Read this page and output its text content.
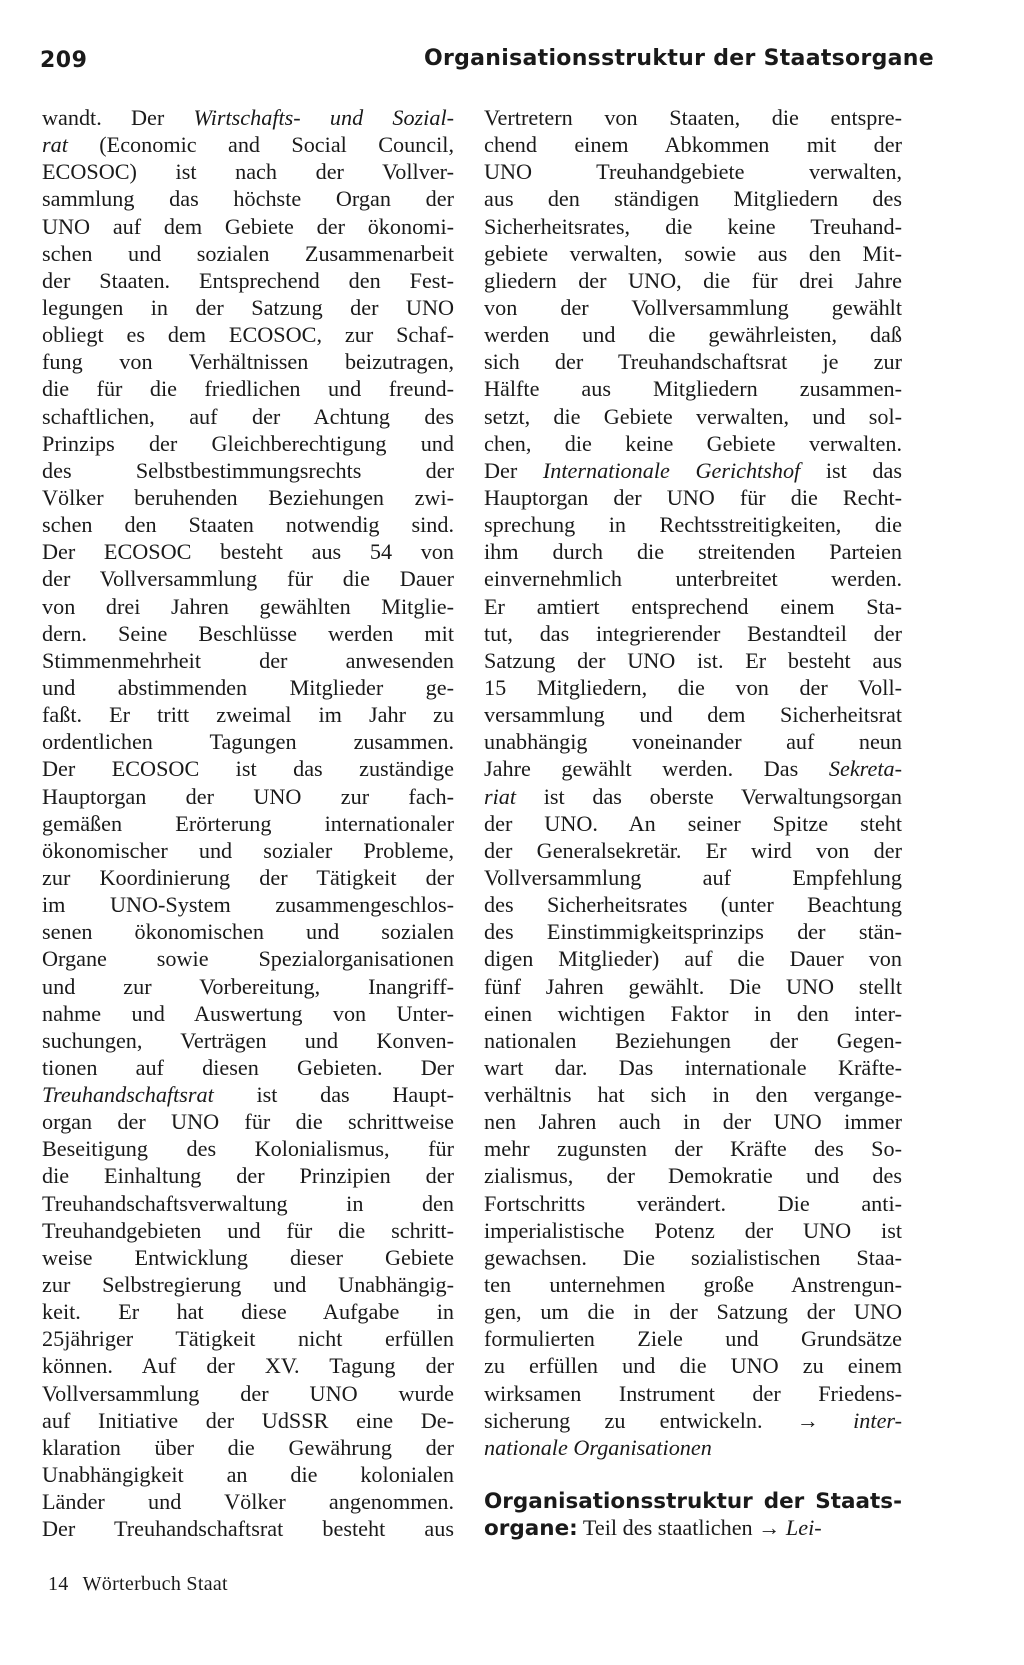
209	Organisationsstruktur der Staatsorgane
wandt. Der Wirtschafts- und Sozial-
rat (Economic and Social Council,
ECOSOC) ist nach der Vollver-
sammlung das höchste Organ der
UNO auf dem Gebiete der ökonomi-
schen und sozialen Zusammenarbeit
der Staaten. Entsprechend den Fest-
legungen in der Satzung der UNO
obliegt es dem ECOSOC, zur Schaf-
fung von Verhältnissen beizutragen,
die für die friedlichen und freund-
schaftlichen, auf der Achtung des
Prinzips der Gleichberechtigung und
des Selbstbestimmungsrechts der
Völker beruhenden Beziehungen zwi-
schen den Staaten notwendig sind.
Der ECOSOC besteht aus 54 von
der Vollversammlung für die Dauer
von drei Jahren gewählten Mitglie-
dern. Seine Beschlüsse werden mit
Stimmenmehrheit der anwesenden
und abstimmenden Mitglieder ge-
faßt. Er tritt zweimal im Jahr zu
ordentlichen Tagungen zusammen.
Der ECOSOC ist das zuständige
Hauptorgan der UNO zur fach-
gemäßen Erörterung internationaler
ökonomischer und sozialer Probleme,
zur Koordinierung der Tätigkeit der
im UNO-System zusammengeschlos-
senen ökonomischen und sozialen
Organe sowie Spezialorganisationen
und zur Vorbereitung, Inangriff-
nahme und Auswertung von Unter-
suchungen, Verträgen und Konven-
tionen auf diesen Gebieten. Der
Treuhandschaftsrat ist das Haupt-
organ der UNO für die schrittweise
Beseitigung des Kolonialismus, für
die Einhaltung der Prinzipien der
Treuhandschaftsverwaltung in den
Treuhandgebieten und für die schritt-
weise Entwicklung dieser Gebiete
zur Selbstregierung und Unabhängig-
keit. Er hat diese Aufgabe in
25jähriger Tätigkeit nicht erfüllen
können. Auf der XV. Tagung der
Vollversammlung der UNO wurde
auf Initiative der UdSSR eine De-
klaration über die Gewährung der
Unabhängigkeit an die kolonialen
Länder und Völker angenommen.
Der Treuhandschaftsrat besteht aus
Vertretern von Staaten, die entspre-
chend einem Abkommen mit der
UNO Treuhandgebiete verwalten,
aus den ständigen Mitgliedern des
Sicherheitsrates, die keine Treuhand-
gebiete verwalten, sowie aus den Mit-
gliedern der UNO, die für drei Jahre
von der Vollversammlung gewählt
werden und die gewährleisten, daß
sich der Treuhandschaftsrat je zur
Hälfte aus Mitgliedern zusammen-
setzt, die Gebiete verwalten, und sol-
chen, die keine Gebiete verwalten.
Der Internationale Gerichtshof ist das
Hauptorgan der UNO für die Recht-
sprechung in Rechtsstreitigkeiten, die
ihm durch die streitenden Parteien
einvernehmlich unterbreitet werden.
Er amtiert entsprechend einem Sta-
tut, das integrierender Bestandteil der
Satzung der UNO ist. Er besteht aus
15 Mitgliedern, die von der Voll-
versammlung und dem Sicherheitsrat
unabhängig voneinander auf neun
Jahre gewählt werden. Das Sekreta-
riat ist das oberste Verwaltungsorgan
der UNO. An seiner Spitze steht
der Generalsekretär. Er wird von der
Vollversammlung auf Empfehlung
des Sicherheitsrates (unter Beachtung
des Einstimmigkeitsprinzips der stän-
digen Mitglieder) auf die Dauer von
fünf Jahren gewählt. Die UNO stellt
einen wichtigen Faktor in den inter-
nationalen Beziehungen der Gegen-
wart dar. Das internationale Kräfte-
verhältnis hat sich in den vergange-
nen Jahren auch in der UNO immer
mehr zugunsten der Kräfte des So-
zialismus, der Demokratie und des
Fortschritts verändert. Die anti-
imperialistische Potenz der UNO ist
gewachsen. Die sozialistischen Staa-
ten unternehmen große Anstrengun-
gen, um die in der Satzung der UNO
formulierten Ziele und Grundsätze
zu erfüllen und die UNO zu einem
wirksamen Instrument der Friedens-
sicherung zu entwickeln. → inter-
nationale Organisationen
Organisationsstruktur der Staats-
organe: Teil des staatlichen → Lei-
14 Wörterbuch Staat
